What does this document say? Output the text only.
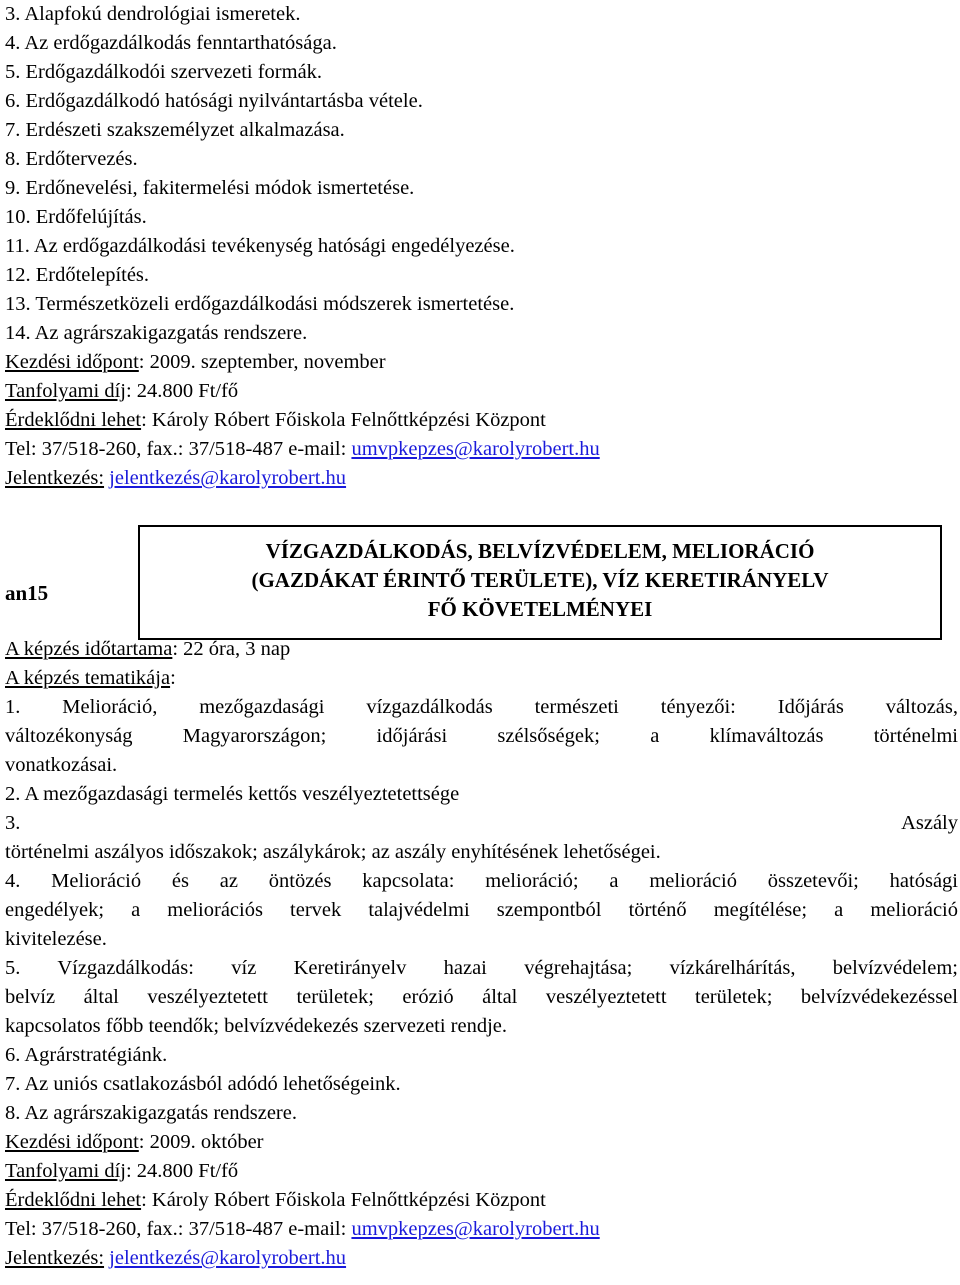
3. Alapfokú dendrológiai ismeretek.
4. Az erdőgazdálkodás fenntarthatósága.
5. Erdőgazdálkodói szervezeti formák.
6. Erdőgazdálkodó hatósági nyilvántartásba vétele.
7. Erdészeti szakszemélyzet alkalmazása.
8. Erdőtervezés.
9. Erdőnevelési, fakitermelési módok ismertetése.
10. Erdőfelújítás.
11. Az erdőgazdálkodási tevékenység hatósági engedélyezése.
12. Erdőtelepítés.
13. Természetközeli erdőgazdálkodási módszerek ismertetése.
14. Az agrárszakigazgatás rendszere.
Kezdési időpont: 2009. szeptember, november
Tanfolyami díj: 24.800 Ft/fő
Érdeklődni lehet: Károly Róbert Főiskola Felnőttképzési Központ
Tel: 37/518-260, fax.: 37/518-487 e-mail: umvpkepzes@karolyrobert.hu
Jelentkezés: jelentkezés@karolyrobert.hu
an15
VÍZGAZDÁLKODÁS, BELVÍZVÉDELEM, MELIORÁCIÓ
(GAZDÁKAT ÉRINTŐ TERÜLETE), VÍZ KERETIRÁNYELV
FŐ KÖVETELMÉNYEI
A képzés időtartama: 22 óra, 3 nap
A képzés tematikája:
1. Melioráció, mezőgazdasági vízgazdálkodás természeti tényezői: Időjárás változás,
változékonyság Magyarországon; időjárási szélsőségek; a klímaváltozás történelmi
vonatkozásai.
2. A mezőgazdasági termelés kettős veszélyeztetettsége
3. Aszály
történelmi aszályos időszakok; aszálykárok; az aszály enyhítésének lehetőségei.
4. Melioráció és az öntözés kapcsolata: melioráció; a melioráció összetevői; hatósági
engedélyek; a meliorációs tervek talajvédelmi szempontból történő megítélése; a melioráció
kivitelezése.
5. Vízgazdálkodás: víz Keretirányelv hazai végrehajtása; vízkárelhárítás, belvízvédelem;
belvíz által veszélyeztetett területek; erózió által veszélyeztetett területek; belvízvédekezéssel
kapcsolatos főbb teendők; belvízvédekezés szervezeti rendje.
6. Agrárstratégiánk.
7. Az uniós csatlakozásból adódó lehetőségeink.
8. Az agrárszakigazgatás rendszere.
Kezdési időpont: 2009. október
Tanfolyami díj: 24.800 Ft/fő
Érdeklődni lehet: Károly Róbert Főiskola Felnőttképzési Központ
Tel: 37/518-260, fax.: 37/518-487 e-mail: umvpkepzes@karolyrobert.hu
Jelentkezés: jelentkezés@karolyrobert.hu
